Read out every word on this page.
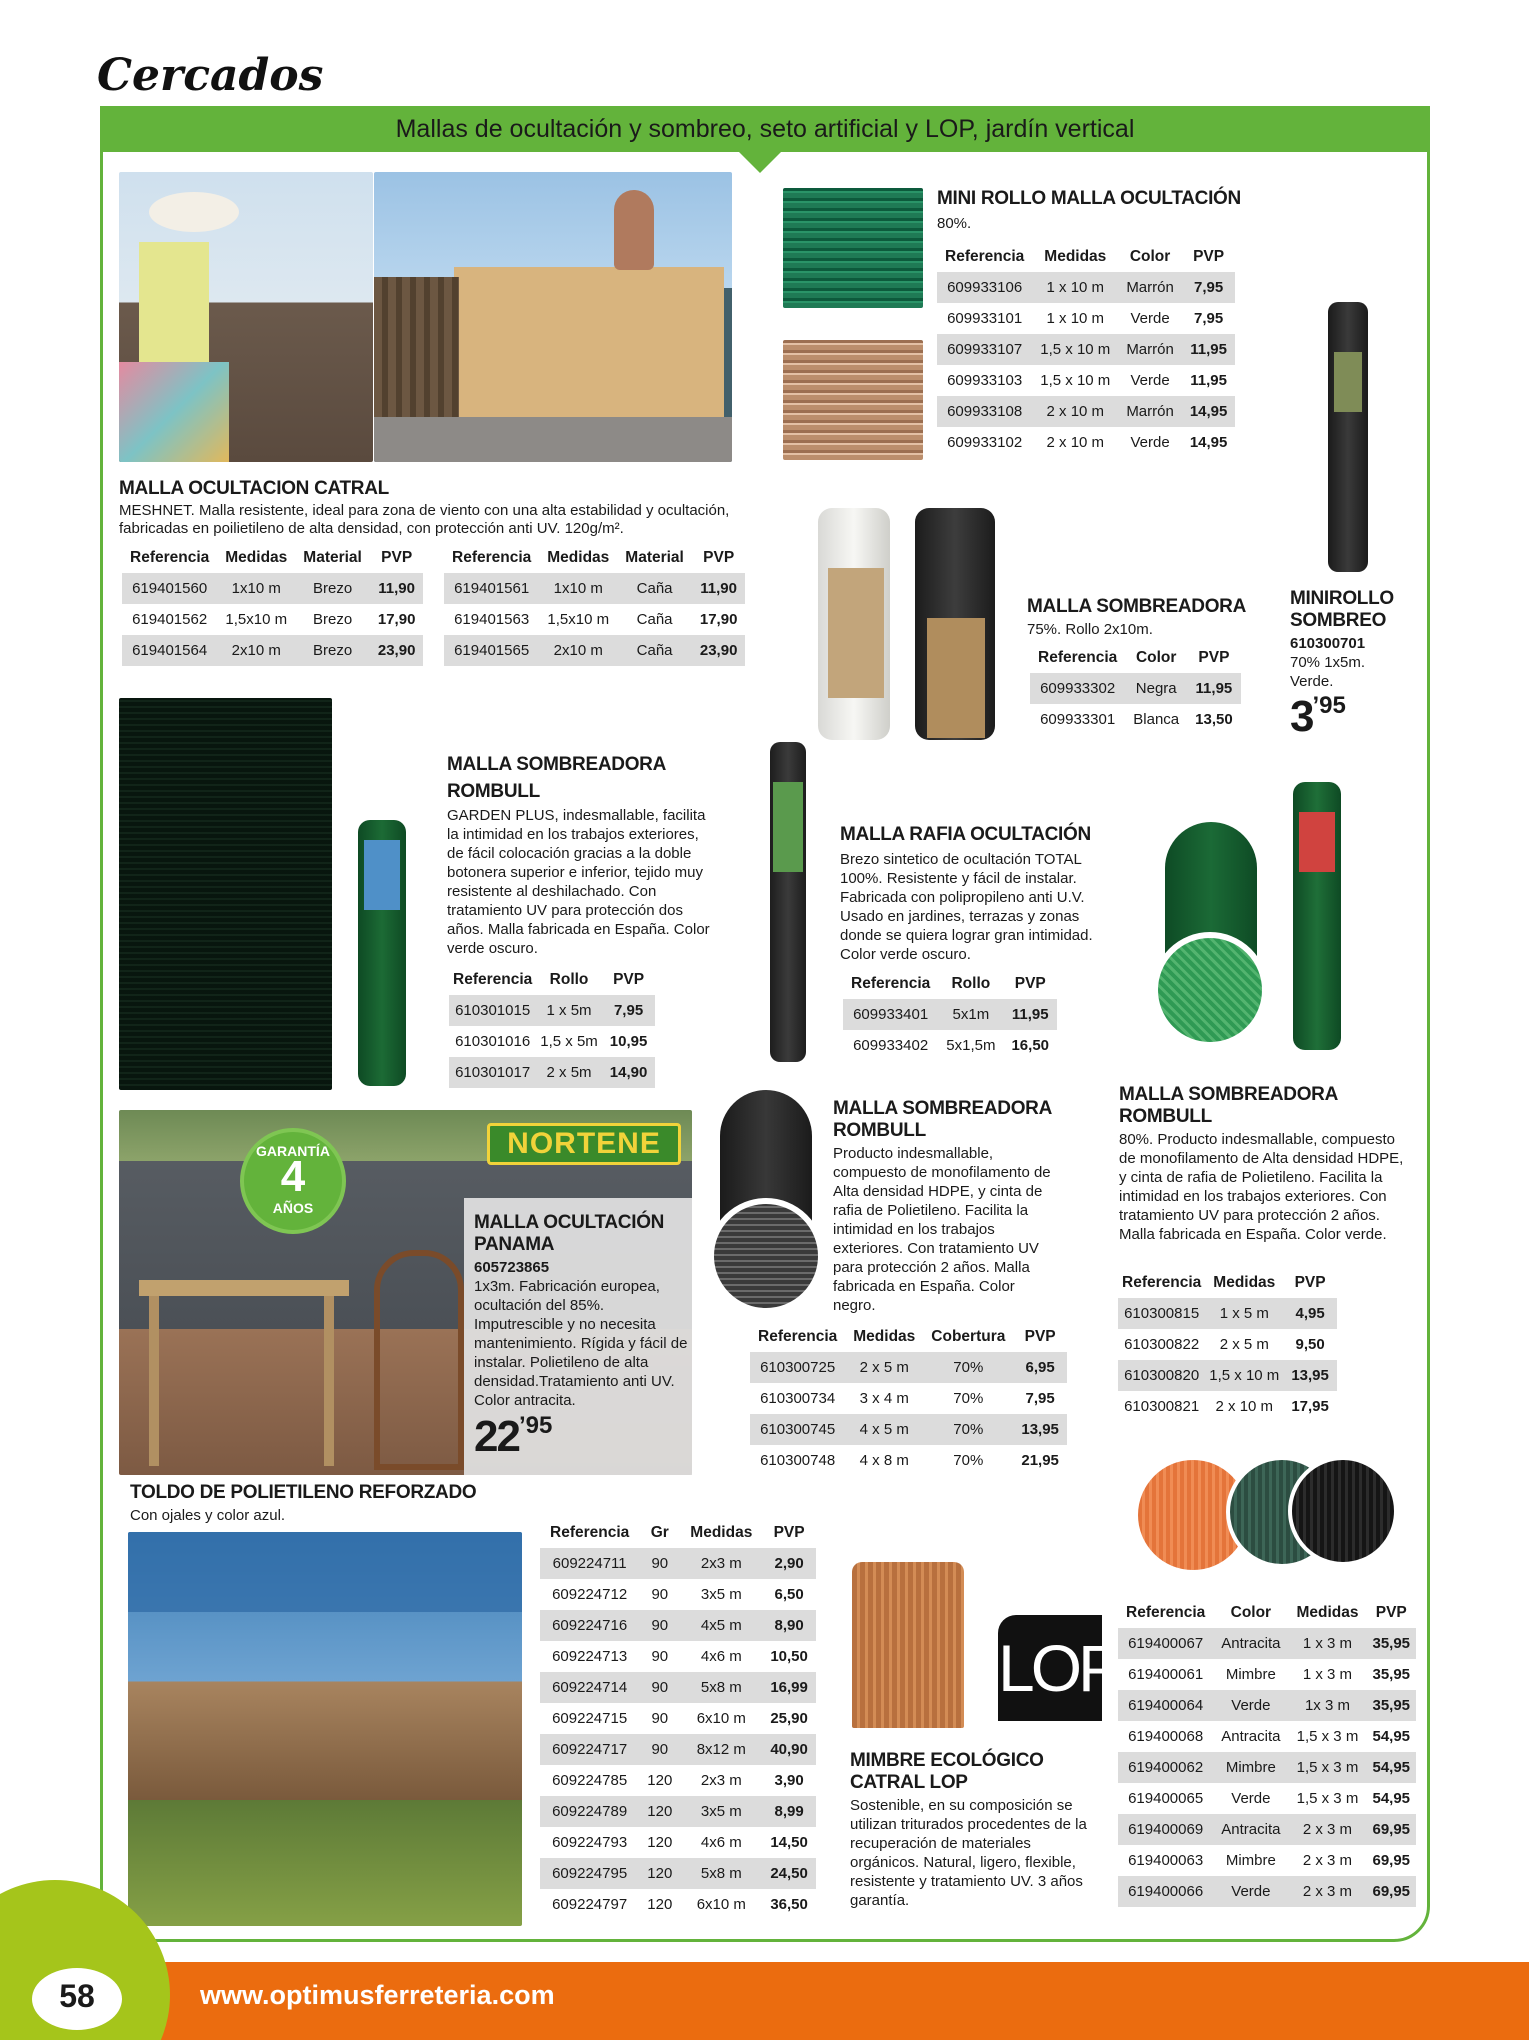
Cercados
Mallas de ocultación y sombreo, seto artificial y LOP, jardín vertical
MALLA OCULTACION CATRAL
MESHNET. Malla resistente, ideal para zona de viento con una alta estabilidad y ocultación, fabricadas en poilietileno de alta densidad, con protección anti UV. 120g/m².
Referencia	Medidas	Material	PVP
619401560	1x10 m	Brezo	11,90
619401562	1,5x10 m	Brezo	17,90
619401564	2x10 m	Brezo	23,90
Referencia	Medidas	Material	PVP
619401561	1x10 m	Caña	11,90
619401563	1,5x10 m	Caña	17,90
619401565	2x10 m	Caña	23,90
MINI ROLLO MALLA OCULTACIÓN
80%.
Referencia	Medidas	Color	PVP
609933106	1 x 10 m	Marrón	7,95
609933101	1 x 10 m	Verde	7,95
609933107	1,5 x 10 m	Marrón	11,95
609933103	1,5 x 10 m	Verde	11,95
609933108	2 x 10 m	Marrón	14,95
609933102	2 x 10 m	Verde	14,95
MINIROLLO
SOMBREO
610300701
70% 1x5m.
Verde.
$3^{’95}$
MALLA SOMBREADORA
75%. Rollo 2x10m.
Referencia	Color	PVP
609933302	Negra	11,95
609933301	Blanca	13,50
MALLA SOMBREADORA
ROMBULL
GARDEN PLUS, indesmallable, facilita la intimidad en los trabajos exteriores, de fácil colocación gracias a la doble botonera superior e inferior, tejido muy resistente al deshilachado. Con tratamiento UV para protección dos años. Malla fabricada en España. Color verde oscuro.
Referencia	Rollo	PVP
610301015	1 x 5m	7,95
610301016	1,5 x 5m	10,95
610301017	2 x 5m	14,90
MALLA RAFIA OCULTACIÓN
Brezo sintetico de ocultación TOTAL 100%. Resistente y fácil de instalar. Fabricada con polipropileno anti U.V. Usado en jardines, terrazas y zonas donde se quiera lograr gran intimidad. Color verde oscuro.
Referencia	Rollo	PVP
609933401	5x1m	11,95
609933402	5x1,5m	16,50
MALLA SOMBREADORA
ROMBULL
80%. Producto indesmallable, compuesto de monofilamento de Alta densidad HDPE, y cinta de rafia de Polietileno. Facilita la intimidad en los trabajos exteriores. Con tratamiento UV para protección 2 años. Malla fabricada en España. Color verde.
Referencia	Medidas	PVP
610300815	1 x 5 m	4,95
610300822	2 x 5 m	9,50
610300820	1,5 x 10 m	13,95
610300821	2 x 10 m	17,95
NORTENE
GARANTÍA
4
AÑOS
MALLA OCULTACIÓN
PANAMA
605723865
1x3m. Fabricación europea, ocultación del 85%. Imputrescible y no necesita mantenimiento. Rígida y fácil de instalar. Polietileno de alta densidad.Tratamiento anti UV. Color antracita.
$22^{’95}$
MALLA SOMBREADORA
ROMBULL
Producto indesmallable, compuesto de monofilamento de Alta densidad HDPE, y cinta de rafia de Polietileno. Facilita la intimidad en los trabajos exteriores. Con tratamiento UV para protección 2 años. Malla fabricada en España. Color negro.
Referencia	Medidas	Cobertura	PVP
610300725	2 x 5 m	70%	6,95
610300734	3 x 4 m	70%	7,95
610300745	4 x 5 m	70%	13,95
610300748	4 x 8 m	70%	21,95
TOLDO DE POLIETILENO REFORZADO
Con ojales y color azul.
Referencia	Gr	Medidas	PVP
609224711	90	2x3 m	2,90
609224712	90	3x5 m	6,50
609224716	90	4x5 m	8,90
609224713	90	4x6 m	10,50
609224714	90	5x8 m	16,99
609224715	90	6x10 m	25,90
609224717	90	8x12 m	40,90
609224785	120	2x3 m	3,90
609224789	120	3x5 m	8,99
609224793	120	4x6 m	14,50
609224795	120	5x8 m	24,50
609224797	120	6x10 m	36,50
LOP
MIMBRE ECOLÓGICO
CATRAL LOP
Sostenible, en su composición se utilizan triturados procedentes de la recuperación de materiales orgánicos. Natural, ligero, flexible, resistente y tratamiento UV. 3 años garantía.
Referencia	Color	Medidas	PVP
619400067	Antracita	1 x 3 m	35,95
619400061	Mimbre	1 x 3 m	35,95
619400064	Verde	1x 3 m	35,95
619400068	Antracita	1,5 x 3 m	54,95
619400062	Mimbre	1,5 x 3 m	54,95
619400065	Verde	1,5 x 3 m	54,95
619400069	Antracita	2 x 3 m	69,95
619400063	Mimbre	2 x 3 m	69,95
619400066	Verde	2 x 3 m	69,95
58	www.optimusferreteria.com
